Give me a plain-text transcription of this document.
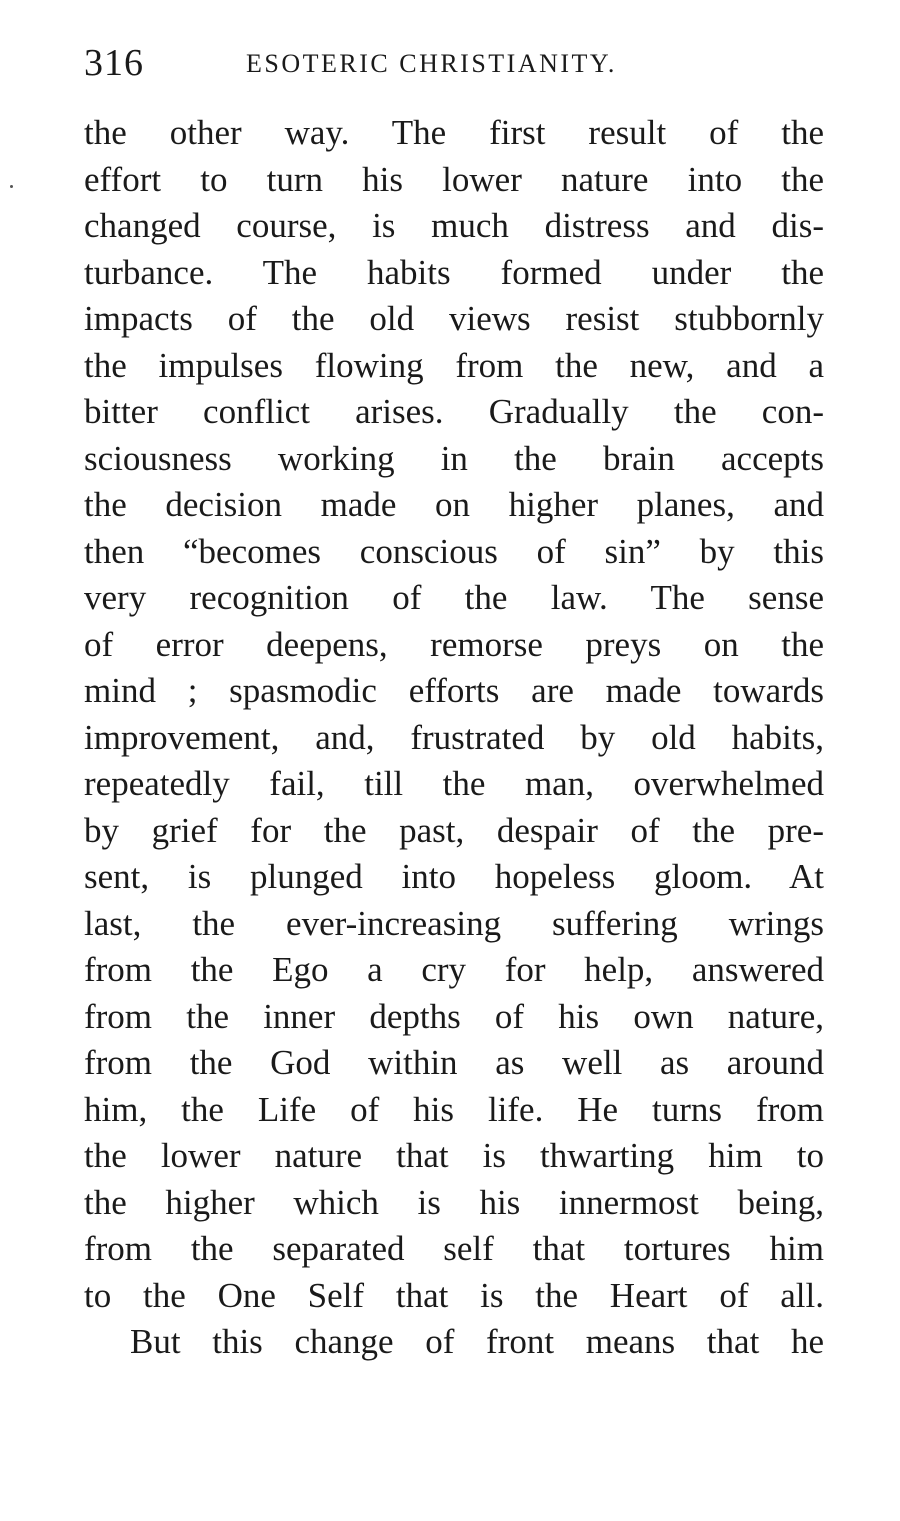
316	ESOTERIC CHRISTIANITY.
the other way. The first result of the
effort to turn his lower nature into the
changed course, is much distress and dis-
turbance. The habits formed under the
impacts of the old views resist stubbornly
the impulses flowing from the new, and a
bitter conflict arises. Gradually the con-
sciousness working in the brain accepts
the decision made on higher planes, and
then “becomes conscious of sin” by this
very recognition of the law. The sense
of error deepens, remorse preys on the
mind ; spasmodic efforts are made towards
improvement, and, frustrated by old habits,
repeatedly fail, till the man, overwhelmed
by grief for the past, despair of the pre-
sent, is plunged into hopeless gloom. At
last, the ever-increasing suffering wrings
from the Ego a cry for help, answered
from the inner depths of his own nature,
from the God within as well as around
him, the Life of his life. He turns from
the lower nature that is thwarting him to
the higher which is his innermost being,
from the separated self that tortures him
to the One Self that is the Heart of all.
But this change of front means that he
